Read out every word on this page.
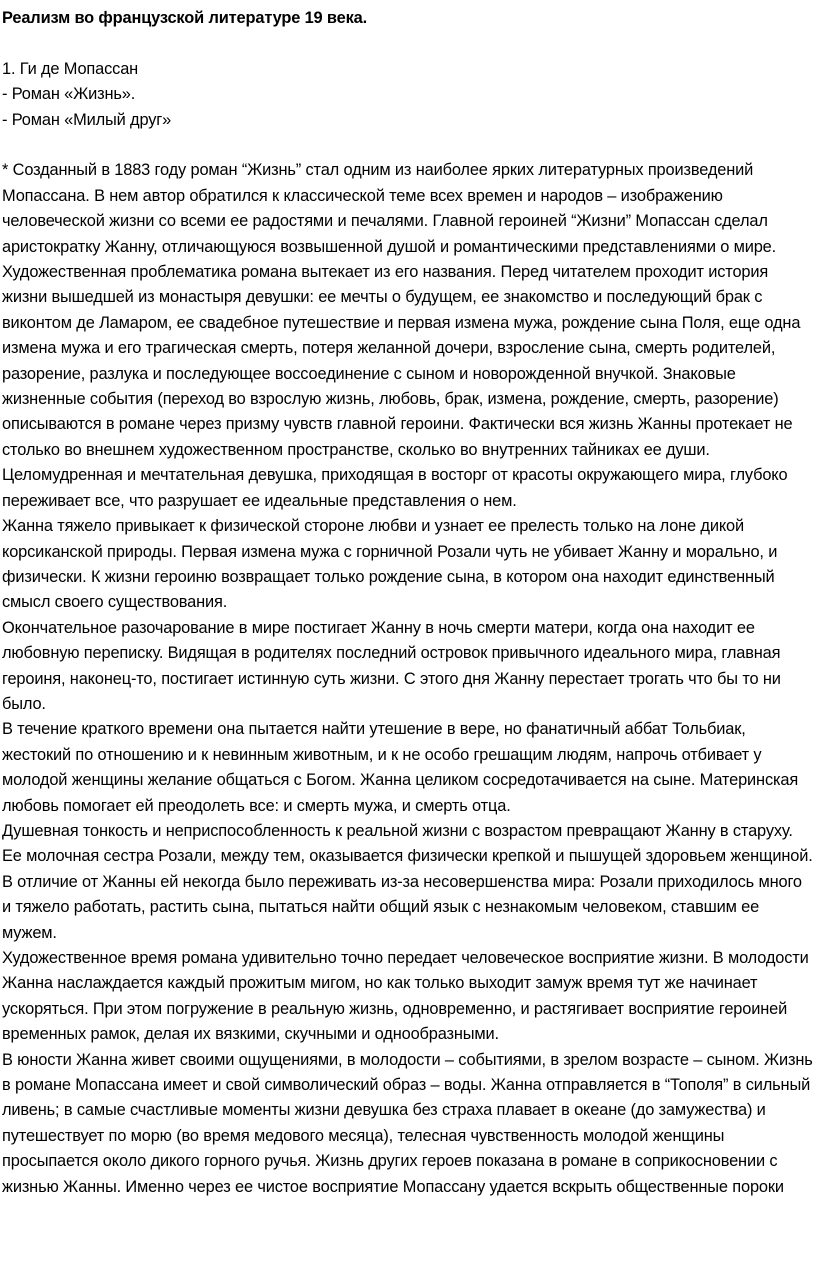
Реализм во французской литературе 19 века.

1. Ги де Мопассан

- Роман «Жизнь».

- Роман «Милый друг»

* Созданный в 1883 году роман “Жизнь” стал одним из наиболее ярких литературных произведений Мопассана. В нем автор обратился к классической теме всех времен и народов – изображению человеческой жизни со всеми ее радостями и печалями. Главной героиней “Жизни” Мопассан сделал аристократку Жанну, отличающуюся возвышенной душой и романтическими представлениями о мире. Художественная проблематика романа вытекает из его названия. Перед читателем проходит история жизни вышедшей из монастыря девушки: ее мечты о будущем, ее знакомство и последующий брак с виконтом де Ламаром, ее свадебное путешествие и первая измена мужа, рождение сына Поля, еще одна измена мужа и его трагическая смерть, потеря желанной дочери, взросление сына, смерть родителей, разорение, разлука и последующее воссоединение с сыном и новорожденной внучкой. Знаковые жизненные события (переход во взрослую жизнь, любовь, брак, измена, рождение, смерть, разорение) описываются в романе через призму чувств главной героини. Фактически вся жизнь Жанны протекает не столько во внешнем художественном пространстве, сколько во внутренних тайниках ее души.

Целомудренная и мечтательная девушка, приходящая в восторг от красоты окружающего мира, глубоко переживает все, что разрушает ее идеальные представления о нем.

Жанна тяжело привыкает к физической стороне любви и узнает ее прелесть только на лоне дикой корсиканской природы. Первая измена мужа с горничной Розали чуть не убивает Жанну и морально, и физически. К жизни героиню возвращает только рождение сына, в котором она находит единственный смысл своего существования.

Окончательное разочарование в мире постигает Жанну в ночь смерти матери, когда она находит ее любовную переписку. Видящая в родителях последний островок привычного идеального мира, главная героиня, наконец-то, постигает истинную суть жизни. С этого дня Жанну перестает трогать что бы то ни было.

В течение краткого времени она пытается найти утешение в вере, но фанатичный аббат Тольбиак, жестокий по отношению и к невинным животным, и к не особо грешащим людям, напрочь отбивает у молодой женщины желание общаться с Богом. Жанна целиком сосредотачивается на сыне. Материнская любовь помогает ей преодолеть все: и смерть мужа, и смерть отца.

Душевная тонкость и неприспособленность к реальной жизни с возрастом превращают Жанну в старуху. Ее молочная сестра Розали, между тем, оказывается физически крепкой и пышущей здоровьем женщиной. В отличие от Жанны ей некогда было переживать из-за несовершенства мира: Розали приходилось много и тяжело работать, растить сына, пытаться найти общий язык с незнакомым человеком, ставшим ее мужем.

Художественное время романа удивительно точно передает человеческое восприятие жизни. В молодости Жанна наслаждается каждый прожитым мигом, но как только выходит замуж время тут же начинает ускоряться. При этом погружение в реальную жизнь, одновременно, и растягивает восприятие героиней временных рамок, делая их вязкими, скучными и однообразными.

В юности Жанна живет своими ощущениями, в молодости – событиями, в зрелом возрасте – сыном. Жизнь в романе Мопассана имеет и свой символический образ – воды. Жанна отправляется в “Тополя” в сильный ливень; в самые счастливые моменты жизни девушка без страха плавает в океане (до замужества) и путешествует по морю (во время медового месяца), телесная чувственность молодой женщины просыпается около дикого горного ручья. Жизнь других героев показана в романе в соприкосновении с жизнью Жанны. Именно через ее чистое восприятие Мопассану удается вскрыть общественные пороки
